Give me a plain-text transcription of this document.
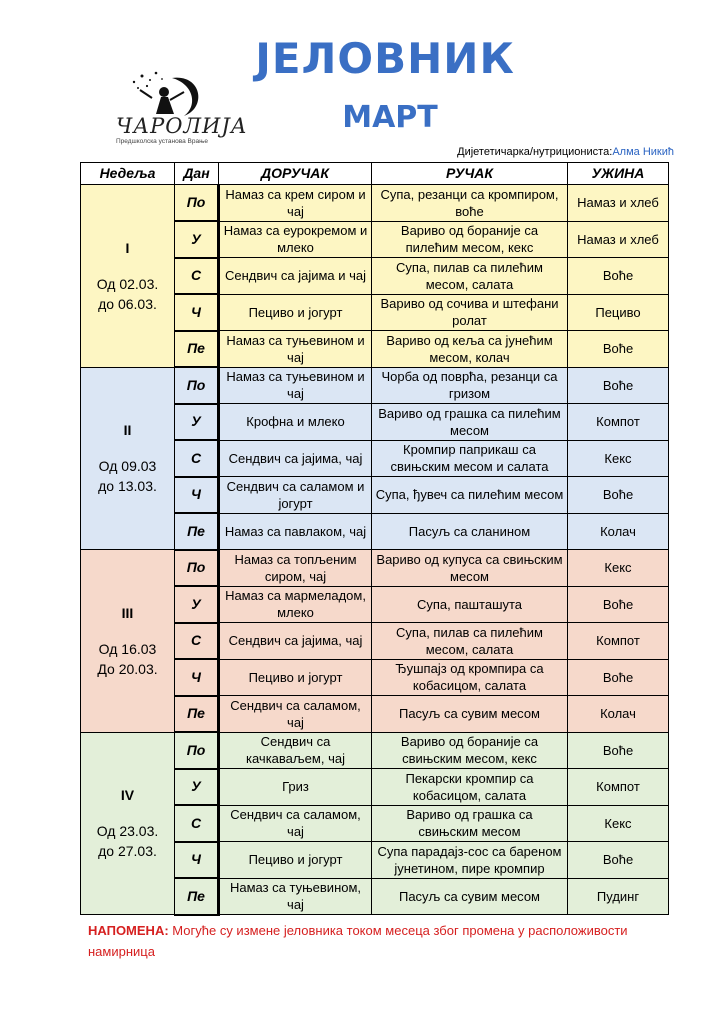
ЈЕЛОВНИК
МАРТ
ЧАРОЛИЈА
Предшколска установа Врање
Дијететичарка/нутриционистa:Алма Никић
Недеља	Дан	ДОРУЧАК	РУЧАК	УЖИНА

I
Од 02.03.
до 06.03.	По	Намаз са крем сиром и чај	Супа, резанци са кромпиром, воће	Намаз и хлеб
	У	Намаз са еурокремом и млеко	Вариво од боранијe са пилећим месом, кекс	Намаз и хлеб
	С	Сендвич са јајима и чај	Супа, пилав са пилећим месом, салата	Воће
	Ч	Пециво и јогурт	Вариво од сочива и штефани ролат	Пециво
	Пе	Намаз са туњевином и чај	Вариво од кеља са јунећим месом, колач	Воће

II
Од 09.03
до 13.03.	По	Намаз са туњевином и чај	Чорба од поврћа, резанци са гризом	Воће
	У	Крофна и млеко	Вариво од грашка са пилећим месом	Компот
	С	Сендвич са јајима, чај	Кромпир паприкаш са свињским месом и салата	Кекс
	Ч	Сендвич са саламом и јогурт	Супа, ђувеч са пилећим месом	Воће
	Пе	Намаз са павлаком, чај	Пасуљ са сланином	Колач

III
Од 16.03
До 20.03.	По	Намаз са топљеним сиром, чај	Вариво од купуса са свињским месом	Кекс
	У	Намаз са мармеладом, млеко	Супа, пашташута	Воће
	С	Сендвич са јајима, чај	Супа, пилав са пилећим месом, салата	Компот
	Ч	Пециво и јогурт	Ђушпајз од кромпира са кобасицом, салата	Воће
	Пе	Сендвич са саламом, чај	Пасуљ са сувим месом	Колач

IV
Од 23.03.
до 27.03.	По	Сендвич са качкаваљем, чај	Вариво од боранијe са свињским месом, кекс	Воће
	У	Гриз	Пекарски кромпир са кобасицом, салата	Компот
	С	Сендвич са саламом, чај	Вариво од грашка са свињским месом	Кекс
	Ч	Пециво и јогурт	Супа парадајз-сос са бареном јунетином, пире кромпир	Воће
	Пе	Намаз са туњевином, чај	Пасуљ са сувим месом	Пудинг
НАПОМЕНА: Могуће су измене јеловника током месеца због промена у расположивости намирница
